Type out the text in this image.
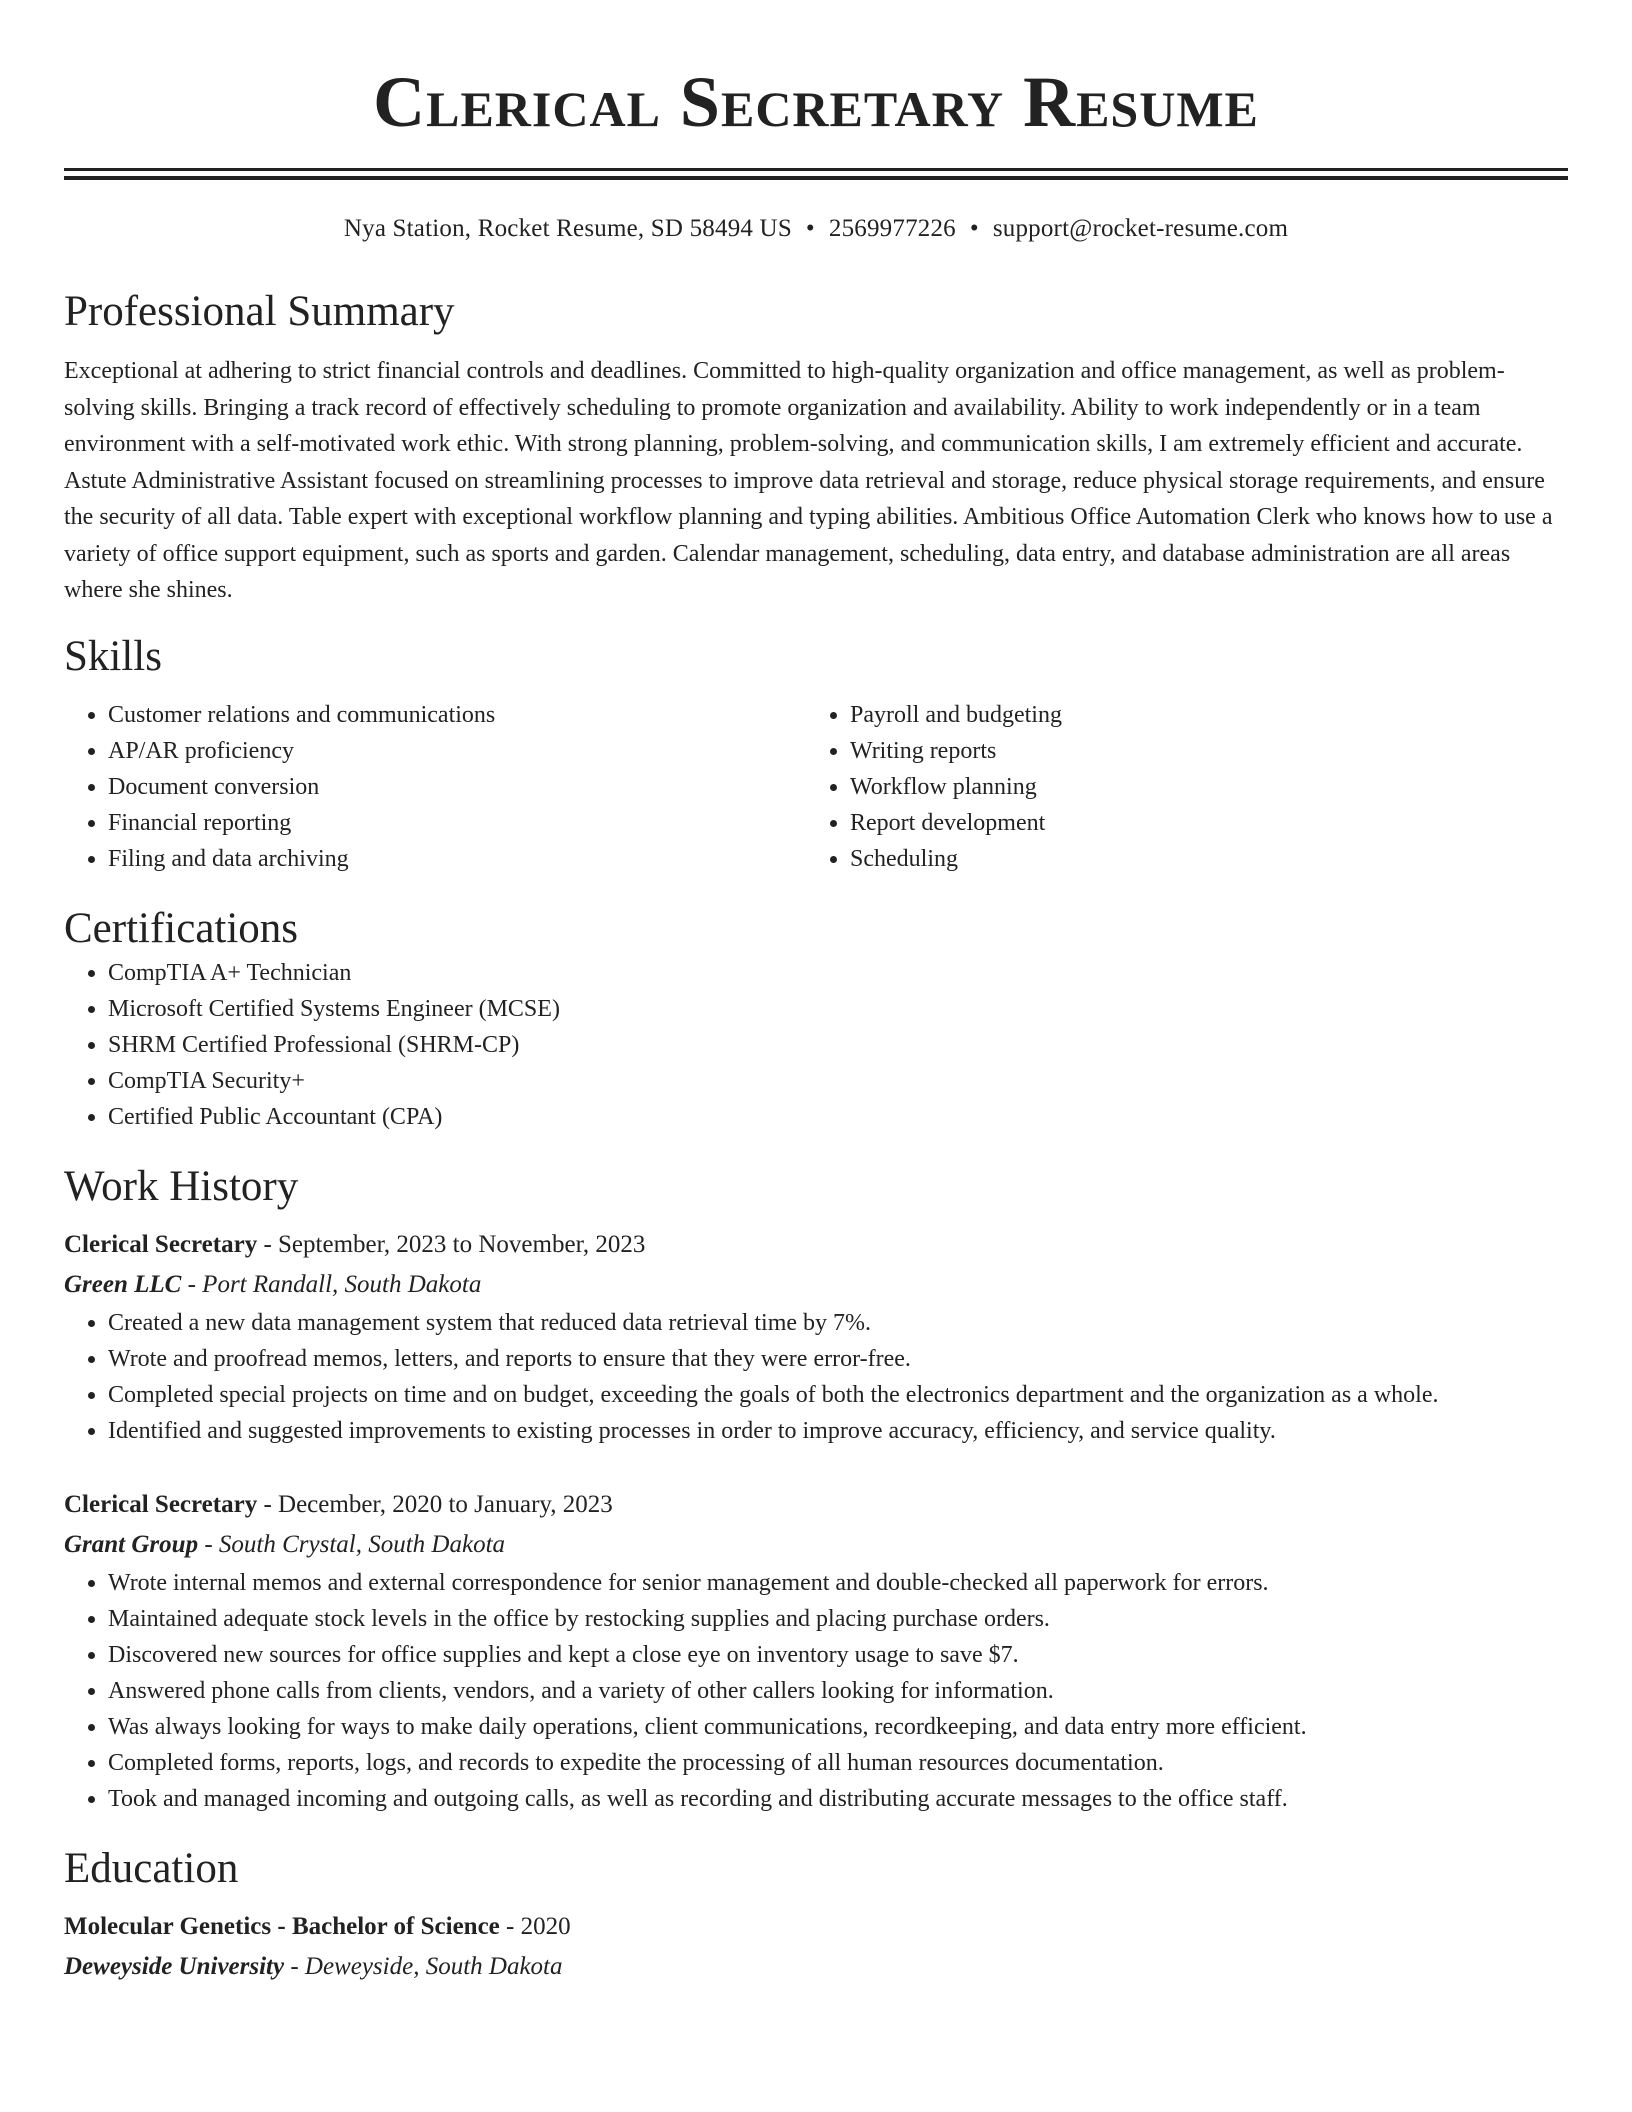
Clerical Secretary Resume
Nya Station, Rocket Resume, SD 58494 US • 2569977226 • support@rocket-resume.com
Professional Summary

Exceptional at adhering to strict financial controls and deadlines. Committed to high-quality organization and office management, as well as problem-solving skills. Bringing a track record of effectively scheduling to promote organization and availability. Ability to work independently or in a team environment with a self-motivated work ethic. With strong planning, problem-solving, and communication skills, I am extremely efficient and accurate. Astute Administrative Assistant focused on streamlining processes to improve data retrieval and storage, reduce physical storage requirements, and ensure the security of all data. Table expert with exceptional workflow planning and typing abilities. Ambitious Office Automation Clerk who knows how to use a variety of office support equipment, such as sports and garden. Calendar management, scheduling, data entry, and database administration are all areas where she shines.

Skills
• Customer relations and communications
• AP/AR proficiency
• Document conversion
• Financial reporting
• Filing and data archiving
• Payroll and budgeting
• Writing reports
• Workflow planning
• Report development
• Scheduling
Certifications
• CompTIA A+ Technician
• Microsoft Certified Systems Engineer (MCSE)
• SHRM Certified Professional (SHRM-CP)
• CompTIA Security+
• Certified Public Accountant (CPA)
Work History
Clerical Secretary - September, 2023 to November, 2023
Green LLC - Port Randall, South Dakota
• Created a new data management system that reduced data retrieval time by 7%.
• Wrote and proofread memos, letters, and reports to ensure that they were error-free.
• Completed special projects on time and on budget, exceeding the goals of both the electronics department and the organization as a whole.
• Identified and suggested improvements to existing processes in order to improve accuracy, efficiency, and service quality.
Clerical Secretary - December, 2020 to January, 2023
Grant Group - South Crystal, South Dakota
• Wrote internal memos and external correspondence for senior management and double-checked all paperwork for errors.
• Maintained adequate stock levels in the office by restocking supplies and placing purchase orders.
• Discovered new sources for office supplies and kept a close eye on inventory usage to save $7.
• Answered phone calls from clients, vendors, and a variety of other callers looking for information.
• Was always looking for ways to make daily operations, client communications, recordkeeping, and data entry more efficient.
• Completed forms, reports, logs, and records to expedite the processing of all human resources documentation.
• Took and managed incoming and outgoing calls, as well as recording and distributing accurate messages to the office staff.
Education
Molecular Genetics - Bachelor of Science - 2020
Deweyside University - Deweyside, South Dakota
